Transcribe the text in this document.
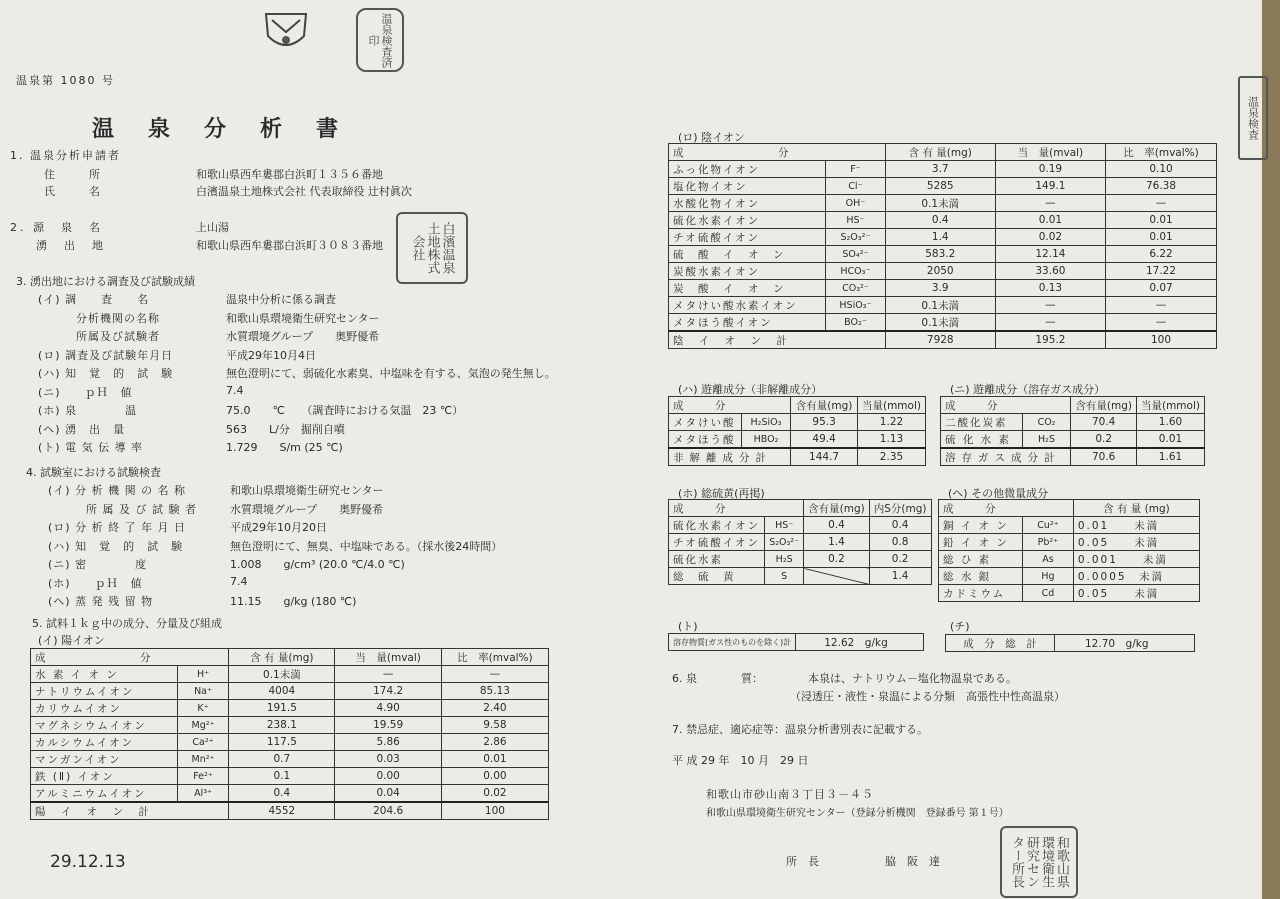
温泉検査済印
温泉検査
温泉第 1080 号
温泉分析書
1. 温泉分析申請者
住　　所	和歌山県西牟婁郡白浜町１３５６番地
氏　　名	白濱温泉土地株式会社 代表取締役 辻村眞次
2. 源　泉　名	上山湯
湧　出　地	和歌山県西牟婁郡白浜町３０８３番地	白濱温泉土地株式会社
3. 湧出地における調査及び試験成績
(イ) 調　　査　　名	温泉中分析に係る調査
分析機関の名称	和歌山県環境衛生研究センター
所属及び試験者	水質環境グループ　　奥野優希
(ロ) 調査及び試験年月日	平成29年10月4日
(ハ) 知　覚　的　試　験	無色澄明にて、弱硫化水素臭、中塩味を有する、気泡の発生無し。
(ニ)　　ｐＨ　値	7.4
(ホ) 泉　　　　温	75.0　　℃　　（調査時における気温　23 ℃）
(ヘ) 湧　出　量	563　　L/分　掘削自噴
(ト) 電 気 伝 導 率	1.729　　S/m (25 ℃)
4. 試験室における試験検査
(イ) 分 析 機 関 の 名 称	和歌山県環境衛生研究センター
所 属 及 び 試 験 者	水質環境グループ　　奥野優希
(ロ) 分 析 終 了 年 月 日	平成29年10月20日
(ハ) 知　覚　的　試　験	無色澄明にて、無臭、中塩味である。（採水後24時間）
(ニ) 密　　　　度	1.008　　g/cm³ (20.0 ℃/4.0 ℃)
(ホ)　　ｐＨ　値	7.4
(ヘ) 蒸 発 残 留 物	11.15　　g/kg (180 ℃)
5. 試料１ｋｇ中の成分、分量及び組成
(イ) 陽イオン
成　　　　　　　　　分		含 有 量(mg)	当　量(mval)	比　率(mval%)
水 素 イ オ ン	H⁺	0.1未満	—	—
ナトリウムイオン	Na⁺	4004	174.2	85.13
カリウムイオン	K⁺	191.5	4.90	2.40
マグネシウムイオン	Mg²⁺	238.1	19.59	9.58
カルシウムイオン	Ca²⁺	117.5	5.86	2.86
マンガンイオン	Mn²⁺	0.7	0.03	0.01
鉄 (Ⅱ) イオン	Fe²⁺	0.1	0.00	0.00
アルミニウムイオン	Al³⁺	0.4	0.04	0.02
陽 イ オ ン 計		4552	204.6	100
(ロ) 陰イオン
成　　　　　　　　　分		含 有 量(mg)	当　量(mval)	比　率(mval%)
ふっ化物イオン	F⁻	3.7	0.19	0.10
塩化物イオン	Cl⁻	5285	149.1	76.38
水酸化物イオン	OH⁻	0.1未満	—	—
硫化水素イオン	HS⁻	0.4	0.01	0.01
チオ硫酸イオン	S₂O₃²⁻	1.4	0.02	0.01
硫　酸　イ　オ　ン	SO₄²⁻	583.2	12.14	6.22
炭酸水素イオン	HCO₃⁻	2050	33.60	17.22
炭　酸　イ　オ　ン	CO₃²⁻	3.9	0.13	0.07
メタけい酸水素イオン	HSiO₃⁻	0.1未満	—	—
メタほう酸イオン	BO₂⁻	0.1未満	—	—
陰 イ オ ン 計		7928	195.2	100
(ハ) 遊離成分（非解離成分）
成　　　分		含有量(mg)	当量(mmol)
メタけい酸	H₂SiO₃	95.3	1.22
メタほう酸	HBO₂	49.4	1.13
非解離成分計		144.7	2.35
(ニ) 遊離成分（溶存ガス成分）
成　　　分		含有量(mg)	当量(mmol)
二酸化炭素	CO₂	70.4	1.60
硫 化 水 素	H₂S	0.2	0.01
溶存ガス成分計		70.6	1.61
(ホ) 総硫黄(再掲)
成　　　分		含有量(mg)	内S分(mg)
硫化水素イオン	HS⁻	0.4	0.4
チオ硫酸イオン	S₂O₃²⁻	1.4	0.8
硫化水素	H₂S	0.2	0.2
総　硫　黄	S		1.4
(ヘ) その他微量成分
成　　　分		含 有 量 (mg)
銅 イ オ ン	Cu²⁺	0.01　　未満
鉛 イ オ ン	Pb²⁺	0.05　　未満
総 ひ 素	As	0.001　　未満
総 水 銀	Hg	0.0005　未満
カドミウム	Cd	0.05　　未満
(ト)
溶存物質(ガス性のものを除く)計	12.62　g/kg
(チ)
成　分　総　計	12.70　g/kg
6. 泉　　　　質：	本泉は、ナトリウム－塩化物温泉である。
（浸透圧・液性・泉温による分類　高張性中性高温泉）
7. 禁忌症、適応症等：温泉分析書別表に記載する。
平 成 29 年　10 月　29 日
和歌山市砂山南３丁目３－４５
和歌山県環境衛生研究センター（登録分析機関　登録番号 第１号）
所　長　　　　　　脇　阪　達	和歌山県環境衛生研究センター所長
29.12.13
